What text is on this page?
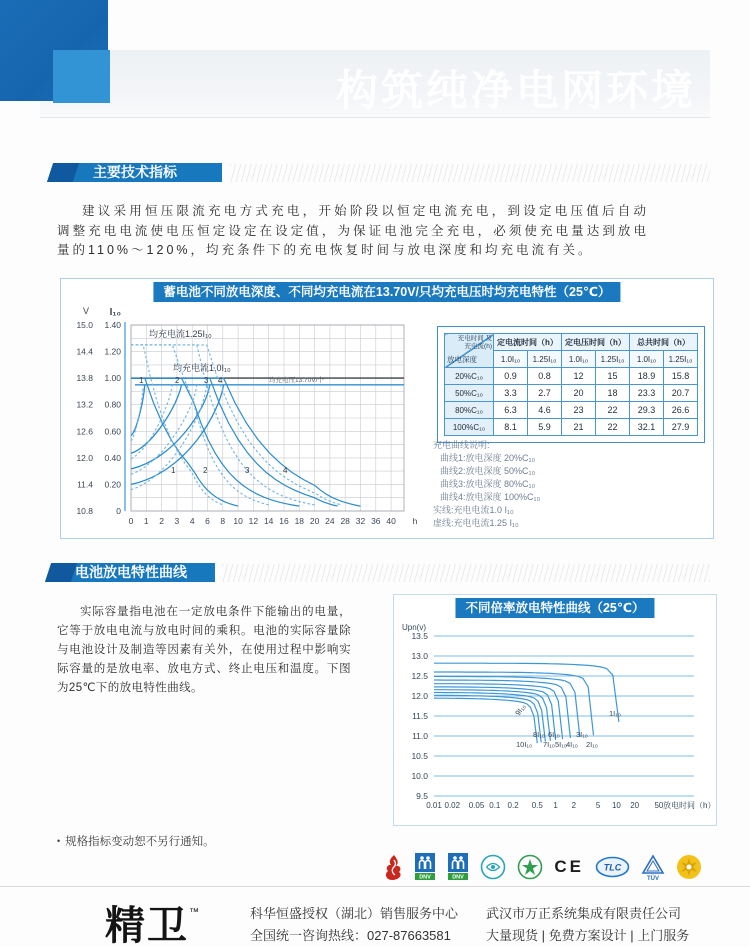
构筑纯净电网环境
主要技术指标
建议采用恒压限流充电方式充电，开始阶段以恒定电流充电，到设定电压值后自动调整充电电流使电压恒定设定在设定值，为保证电池完全充电，必须使充电量达到放电量的110%～120%，均充条件下的充电恢复时间与放电深度和均充电流有关。
蓄电池不同放电深度、不同均充电流在13.70V/只均充电压时均充电特性（25℃）
15.0
14.4
13.8
13.2
12.6
12.0
11.4
10.8
1.40
1.20
1.00
0.80
0.60
0.40
0.20
0
V I₁₀
0 1 2 3 4 6 8 10 12 14 16 18 20 24 28 32 36 40 h
均充电流1.25I₁₀
均充电流1.0I₁₀
均充电压13.70V/个
1	2	3 4
1	2	3	4
充电时间 及充电流(h)
放电深度	定电流时间（h）		定电压时间（h）		总共时间（h）	
	1.0I₁₀	1.25I₁₀	1.0I₁₀	1.25I₁₀	1.0I₁₀	1.25I₁₀
20%C₁₀	0.9	0.8	12	15	18.9	15.8
50%C₁₀	3.3	2.7	20	18	23.3	20.7
80%C₁₀	6.3	4.6	23	22	29.3	26.6
100%C₁₀	8.1	5.9	21	22	32.1	27.9
充电曲线说明:
曲线1:放电深度 20%C₁₀
曲线2:放电深度 50%C₁₀
曲线3:放电深度 80%C₁₀
曲线4:放电深度 100%C₁₀
实线:充电电流1.0 I₁₀
虚线:充电电流1.25 I₁₀
电池放电特性曲线
实际容量指电池在一定放电条件下能输出的电量，它等于放电电流与放电时间的乘积。电池的实际容量除与电池设计及制造等因素有关外，在使用过程中影响实际容量的是放电率、放电方式、终止电压和温度。下图为25℃下的放电特性曲线。
不同倍率放电特性曲线（25℃）
13.5
13.0
12.5
12.0
11.5
11.0
10.5
10.0
9.5
Upn(v)
0.01 0.02 0.05 0.1 0.2 0.5 1 2 5 10 20 50 放电时间（h）
9I₁₀
8I₁₀ 6I₁₀ 3I₁₀
10I₁₀ 7I₁₀ 5I₁₀ 4I₁₀ 2I₁₀
1I₁₀
• 规格指标变动恕不另行通知。
DNV	DNV
CE TLC
TÜV
精卫™	科华恒盛授权（湖北）销售服务中心
全国统一咨询热线：027-87663581
武汉市万正系统集成有限责任公司
大量现货 | 免费方案设计 | 上门服务
